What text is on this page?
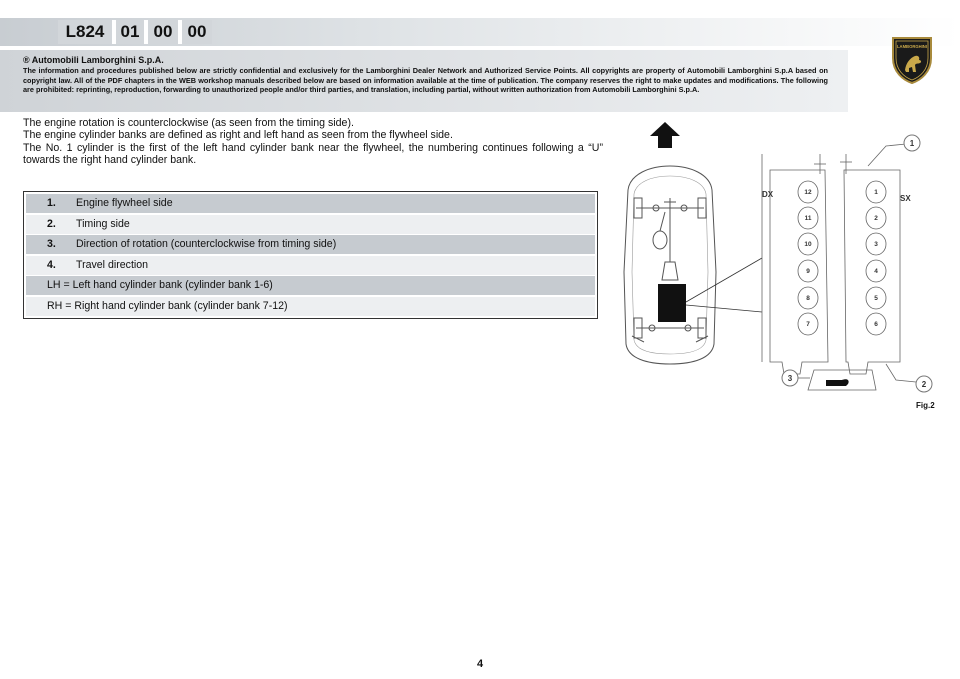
L824 01 00 00
® Automobili Lamborghini S.p.A.
The information and procedures published below are strictly confidential and exclusively for the Lamborghini Dealer Network and Authorized Service Points. All copyrights are property of Automobili Lamborghini S.p.A based on copyright law. All of the PDF chapters in the WEB workshop manuals described below are based on information available at the time of publication. The company reserves the right to make updates and modifications. The following are prohibited: reprinting, reproduction, forwarding to unauthorized people and/or third parties, and translation, including partial, without written authorization from Automobili Lamborghini S.p.A.
LAMBORGHINI

The engine rotation is counterclockwise (as seen from the timing side).

The engine cylinder banks are defined as right and left hand as seen from the flywheel side.

The No. 1 cylinder is the first of the left hand cylinder bank near the flywheel, the numbering continues following a “U” towards the right hand cylinder bank.

1. Engine flywheel side
2. Timing side
3. Direction of rotation (counterclockwise from timing side)
4. Travel direction
LH = Left hand cylinder bank (cylinder bank 1-6)
RH = Right hand cylinder bank (cylinder bank 7-12)
DX	SX
12
11
10
9
8
7
1
2
3
4
5
6
1
2
3
Fig.2
4
